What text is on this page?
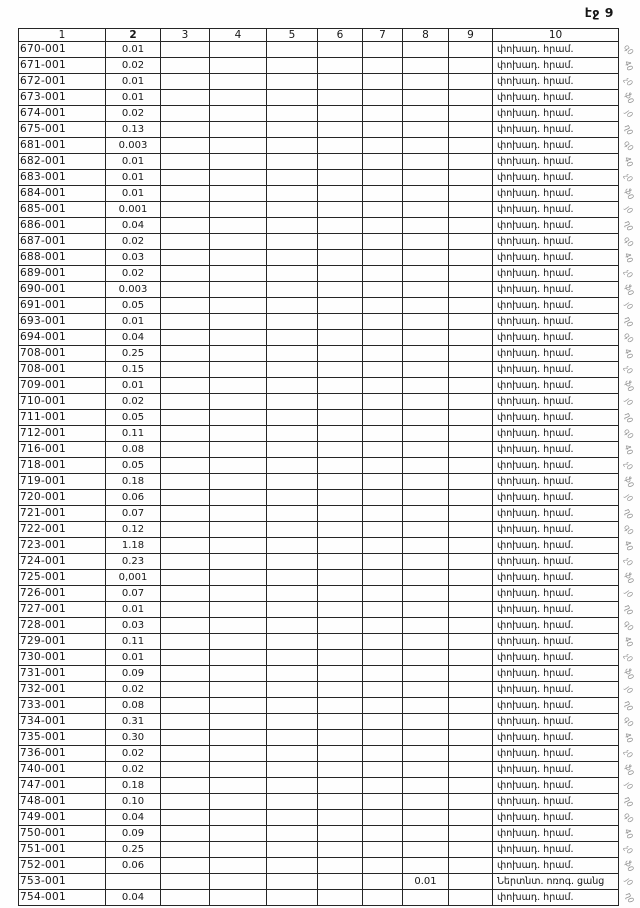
էջ 9
1	2	3	4	5	6	7	8	9	10	
670-001	0.01								փոխադ. հրամ.	գ0
671-001	0.02								փոխադ. հրամ.	40
672-001	0.01								փոխադ. հրամ.	չ0
673-001	0.01								փոխադ. հրամ.	ֆ0
674-001	0.02								փոխադ. հրամ.	յ0
675-001	0.13								փոխադ. հրամ.	ղ0
681-001	0.003								փոխադ. հրամ.	գ0
682-001	0.01								փոխադ. հրամ.	40
683-001	0.01								փոխադ. հրամ.	չ0
684-001	0.01								փոխադ. հրամ.	ֆ0
685-001	0.001								փոխադ. հրամ.	յ0
686-001	0.04								փոխադ. հրամ.	ղ0
687-001	0.02								փոխադ. հրամ.	գ0
688-001	0.03								փոխադ. հրամ.	40
689-001	0.02								փոխադ. հրամ.	չ0
690-001	0.003								փոխադ. հրամ.	ֆ0
691-001	0.05								փոխադ. հրամ.	յ0
693-001	0.01								փոխադ. հրամ.	ղ0
694-001	0.04								փոխադ. հրամ.	գ0
708-001	0.25								փոխադ. հրամ.	40
708-001	0.15								փոխադ. հրամ.	չ0
709-001	0.01								փոխադ. հրամ.	ֆ0
710-001	0.02								փոխադ. հրամ.	յ0
711-001	0.05								փոխադ. հրամ.	ղ0
712-001	0.11								փոխադ. հրամ.	գ0
716-001	0.08								փոխադ. հրամ.	40
718-001	0.05								փոխադ. հրամ.	չ0
719-001	0.18								փոխադ. հրամ.	ֆ0
720-001	0.06								փոխադ. հրամ.	յ0
721-001	0.07								փոխադ. հրամ.	ղ0
722-001	0.12								փոխադ. հրամ.	գ0
723-001	1.18								փոխադ. հրամ.	40
724-001	0.23								փոխադ. հրամ.	չ0
725-001	0,001								փոխադ. հրամ.	ֆ0
726-001	0.07								փոխադ. հրամ.	յ0
727-001	0.01								փոխադ. հրամ.	ղ0
728-001	0.03								փոխադ. հրամ.	գ0
729-001	0.11								փոխադ. հրամ.	40
730-001	0.01								փոխադ. հրամ.	չ0
731-001	0.09								փոխադ. հրամ.	ֆ0
732-001	0.02								փոխադ. հրամ.	յ0
733-001	0.08								փոխադ. հրամ.	ղ0
734-001	0.31								փոխադ. հրամ.	գ0
735-001	0.30								փոխադ. հրամ.	40
736-001	0.02								փոխադ. հրամ.	չ0
740-001	0.02								փոխադ. հրամ.	ֆ0
747-001	0.18								փոխադ. հրամ.	յ0
748-001	0.10								փոխադ. հրամ.	ղ0
749-001	0.04								փոխադ. հրամ.	գ0
750-001	0.09								փոխադ. հրամ.	40
751-001	0.25								փոխադ. հրամ.	չ0
752-001	0.06								փոխադ. հրամ.	ֆ0
753-001							0.01		Ներտնտ. ոռոգ. ցանց	յ0
754-001	0.04								փոխադ. հրամ.	ղ0
